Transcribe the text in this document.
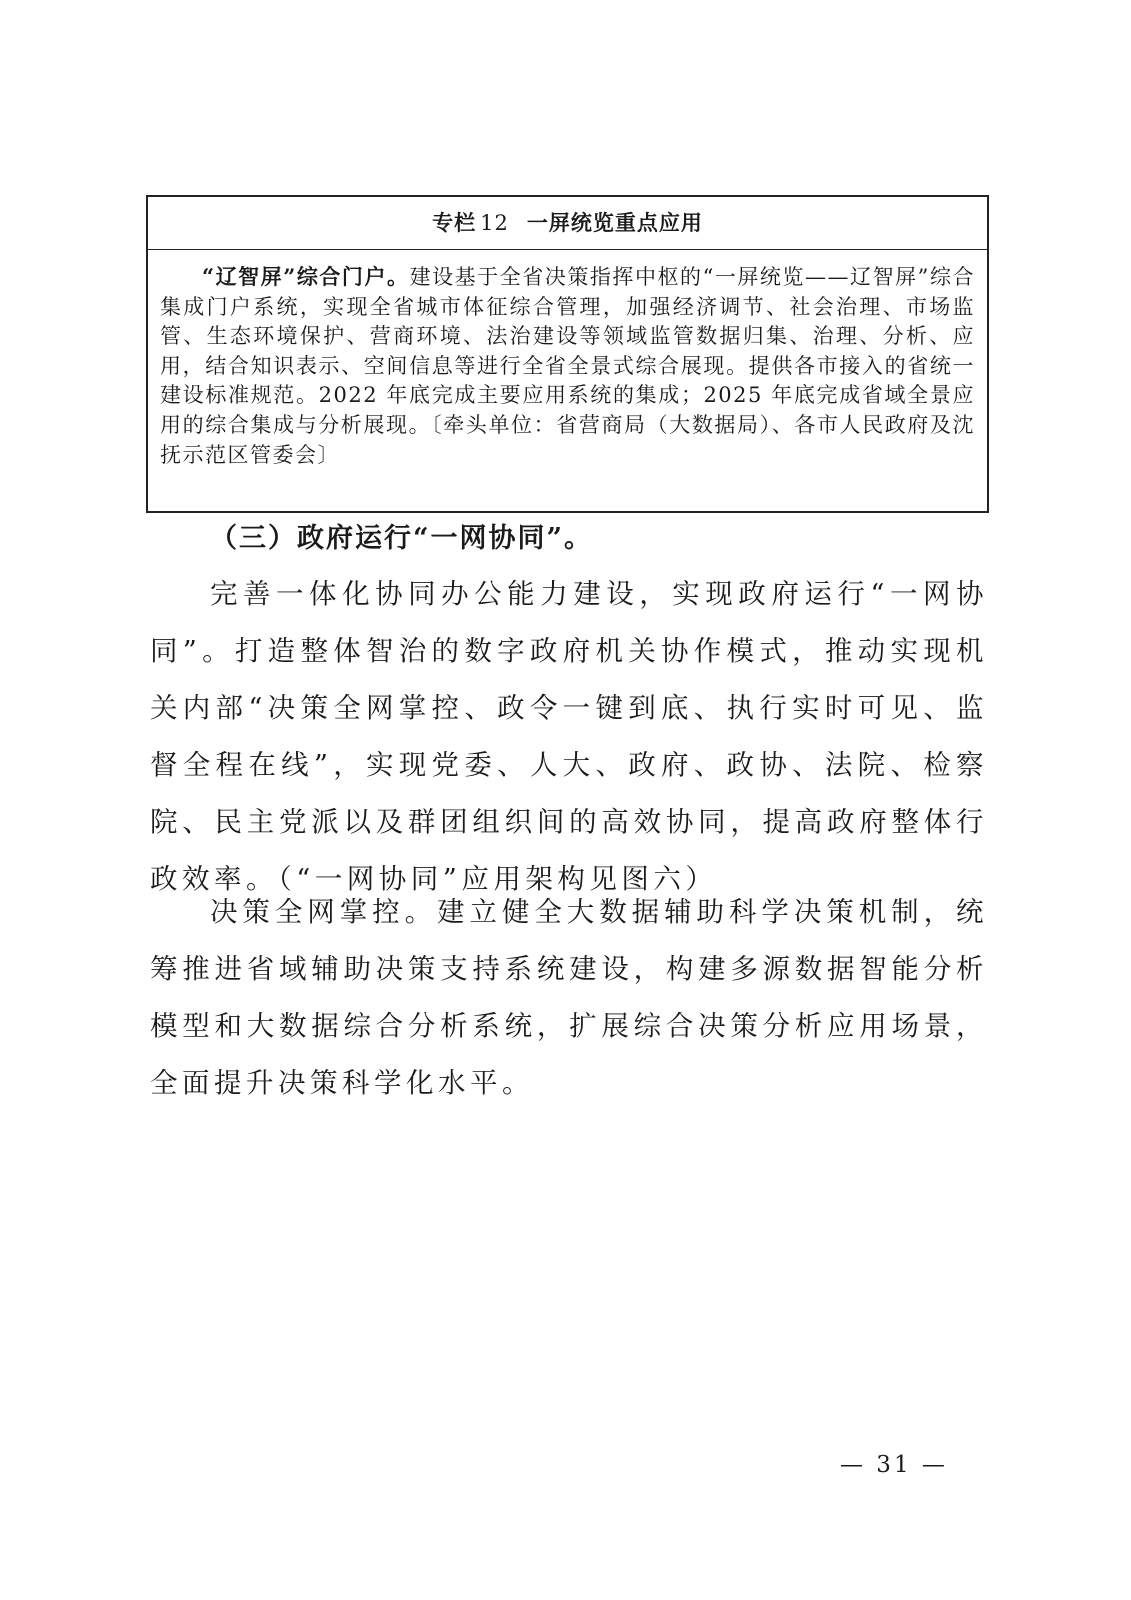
专栏 12 一屏统览重点应用
“辽智屏”综合门户。建设基于全省决策指挥中枢的“一屏统览——辽智屏”综合集成门户系统，实现全省城市体征综合管理，加强经济调节、社会治理、市场监管、生态环境保护、营商环境、法治建设等领域监管数据归集、治理、分析、应用，结合知识表示、空间信息等进行全省全景式综合展现。提供各市接入的省统一建设标准规范。2022 年底完成主要应用系统的集成；2025 年底完成省域全景应用的综合集成与分析展现。〔牵头单位：省营商局（大数据局）、各市人民政府及沈抚示范区管委会〕
（三）政府运行“一网协同”。

完善一体化协同办公能力建设，实现政府运行“一网协同”。打造整体智治的数字政府机关协作模式，推动实现机关内部“决策全网掌控、政令一键到底、执行实时可见、监督全程在线”，实现党委、人大、政府、政协、法院、检察院、民主党派以及群团组织间的高效协同，提高政府整体行政效率。（“一网协同”应用架构见图六）

决策全网掌控。建立健全大数据辅助科学决策机制，统筹推进省域辅助决策支持系统建设，构建多源数据智能分析模型和大数据综合分析系统，扩展综合决策分析应用场景，全面提升决策科学化水平。

— 31 —
